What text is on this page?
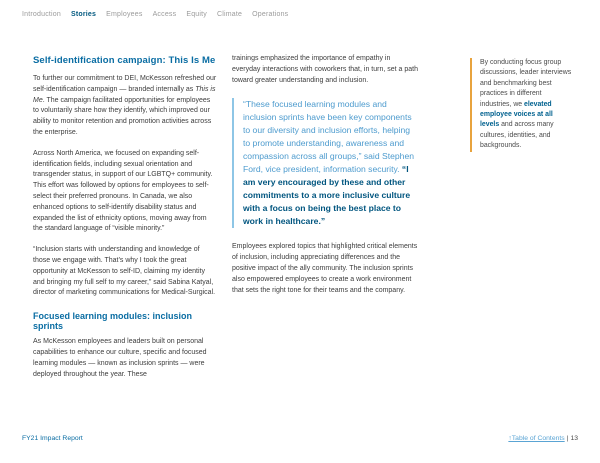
Introduction Stories Employees Access Equity Climate Operations
Self-identification campaign: This Is Me

To further our commitment to DEI, McKesson refreshed our self-identification campaign — branded internally as This is Me. The campaign facilitated opportunities for employees to voluntarily share how they identify, which improved our ability to monitor retention and promotion activities across the enterprise.

Across North America, we focused on expanding self-identification fields, including sexual orientation and transgender status, in support of our LGBTQ+ community. This effort was followed by options for employees to self-select their preferred pronouns. In Canada, we also enhanced options to self-identify disability status and expanded the list of ethnicity options, moving away from the standard language of “visible minority.”

“Inclusion starts with understanding and knowledge of those we engage with. That’s why I took the great opportunity at McKesson to self-ID, claiming my identity and bringing my full self to my career,” said Sabina Katyal, director of marketing communications for Medical-Surgical.

Focused learning modules: inclusion sprints

As McKesson employees and leaders built on personal capabilities to enhance our culture, specific and focused learning modules — known as inclusion sprints — were deployed throughout the year. These

trainings emphasized the importance of empathy in everyday interactions with coworkers that, in turn, set a path toward greater understanding and inclusion.

“These focused learning modules and inclusion sprints have been key components to our diversity and inclusion efforts, helping to promote understanding, awareness and compassion across all groups,” said Stephen Ford, vice president, information security. “I am very encouraged by these and other commitments to a more inclusive culture with a focus on being the best place to work in healthcare.”

Employees explored topics that highlighted critical elements of inclusion, including appreciating differences and the positive impact of the ally community. The inclusion sprints also empowered employees to create a work environment that sets the right tone for their teams and the company.

By conducting focus group discussions, leader interviews and benchmarking best practices in different industries, we elevated employee voices at all levels and across many cultures, identities, and backgrounds.

FY21 Impact Report	↑Table of Contents | 13
